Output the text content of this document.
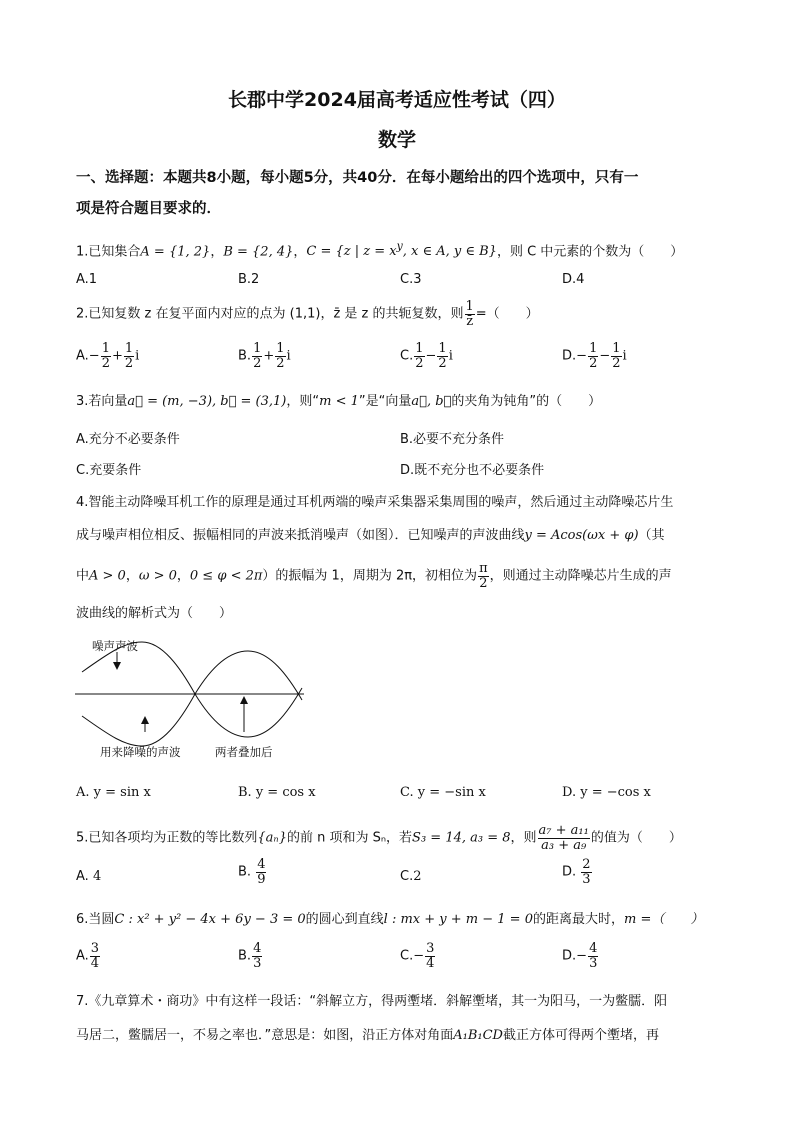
长郡中学2024届高考适应性考试（四）
数学
一、选择题：本题共8小题，每小题5分，共40分．在每小题给出的四个选项中，只有一
项是符合题目要求的．
1.已知集合A = {1, 2}，B = {2, 4}，C = {z | $z = x^y$, x ∈ A, y ∈ B}，则 C 中元素的个数为（　　）
A.1	B.2	C.3	D.4
2.已知复数 z 在复平面内对应的点为 (1,1)，z̄ 是 z 的共轭复数，则 $\frac{1}{z̄}$ =（　　）
$A.- \frac{1}{2} + \frac{1}{2}$ i	B. $\frac{1}{2} + \frac{1}{2}$ i	C. $\frac{1}{2} - \frac{1}{2}$ i	$D.- \frac{1}{2} - \frac{1}{2}$ i
3.若向量a⃗ = (m, −3), b⃗ = (3,1)，则“m < 1”是“向量a⃗, b⃗的夹角为钝角”的（　　）
A.充分不必要条件	B.必要不充分条件
C.充要条件	D.既不充分也不必要条件
4.智能主动降噪耳机工作的原理是通过耳机两端的噪声采集器采集周围的噪声，然后通过主动降噪芯片生
成与噪声相位相反、振幅相同的声波来抵消噪声（如图）．已知噪声的声波曲线y = Acos(ωx + φ)（其
中A > 0，ω > 0，0 ≤ φ < 2π）的振幅为 1，周期为 2π，初相位为 $\frac{\pi}{2}$ ，则通过主动降噪芯片生成的声
波曲线的解析式为（　　）
噪声声波
用来降噪的声波	两者叠加后
A. y = sin x	B. y = cos x	C. y = −sin x	D. y = −cos x
5.已知各项均为正数的等比数列{aₙ}的前 n 项和为 Sₙ，若S₃ = 14, a₃ = 8，则 $\frac{\text{a₇ + a₁₁}}{\text{a₃ + a₉}}$ 的值为（　　）
A. 4	B. $\frac{4}{9}$	C.2	D. $\frac{2}{3}$
6.当圆C : x² + y² − 4x + 6y − 3 = 0的圆心到直线l : mx + y + m − 1 = 0的距离最大时，m =（　　）
A. $\frac{3}{4}$	B. $\frac{4}{3}$	$C.- \frac{3}{4}$	$D.- \frac{4}{3}$
7.《九章算术・商功》中有这样一段话：“斜解立方，得两壍堵．斜解壍堵，其一为阳马，一为鳖臑．阳
马居二，鳖臑居一，不易之率也．”意思是：如图，沿正方体对角面A₁B₁CD截正方体可得两个壍堵，再
